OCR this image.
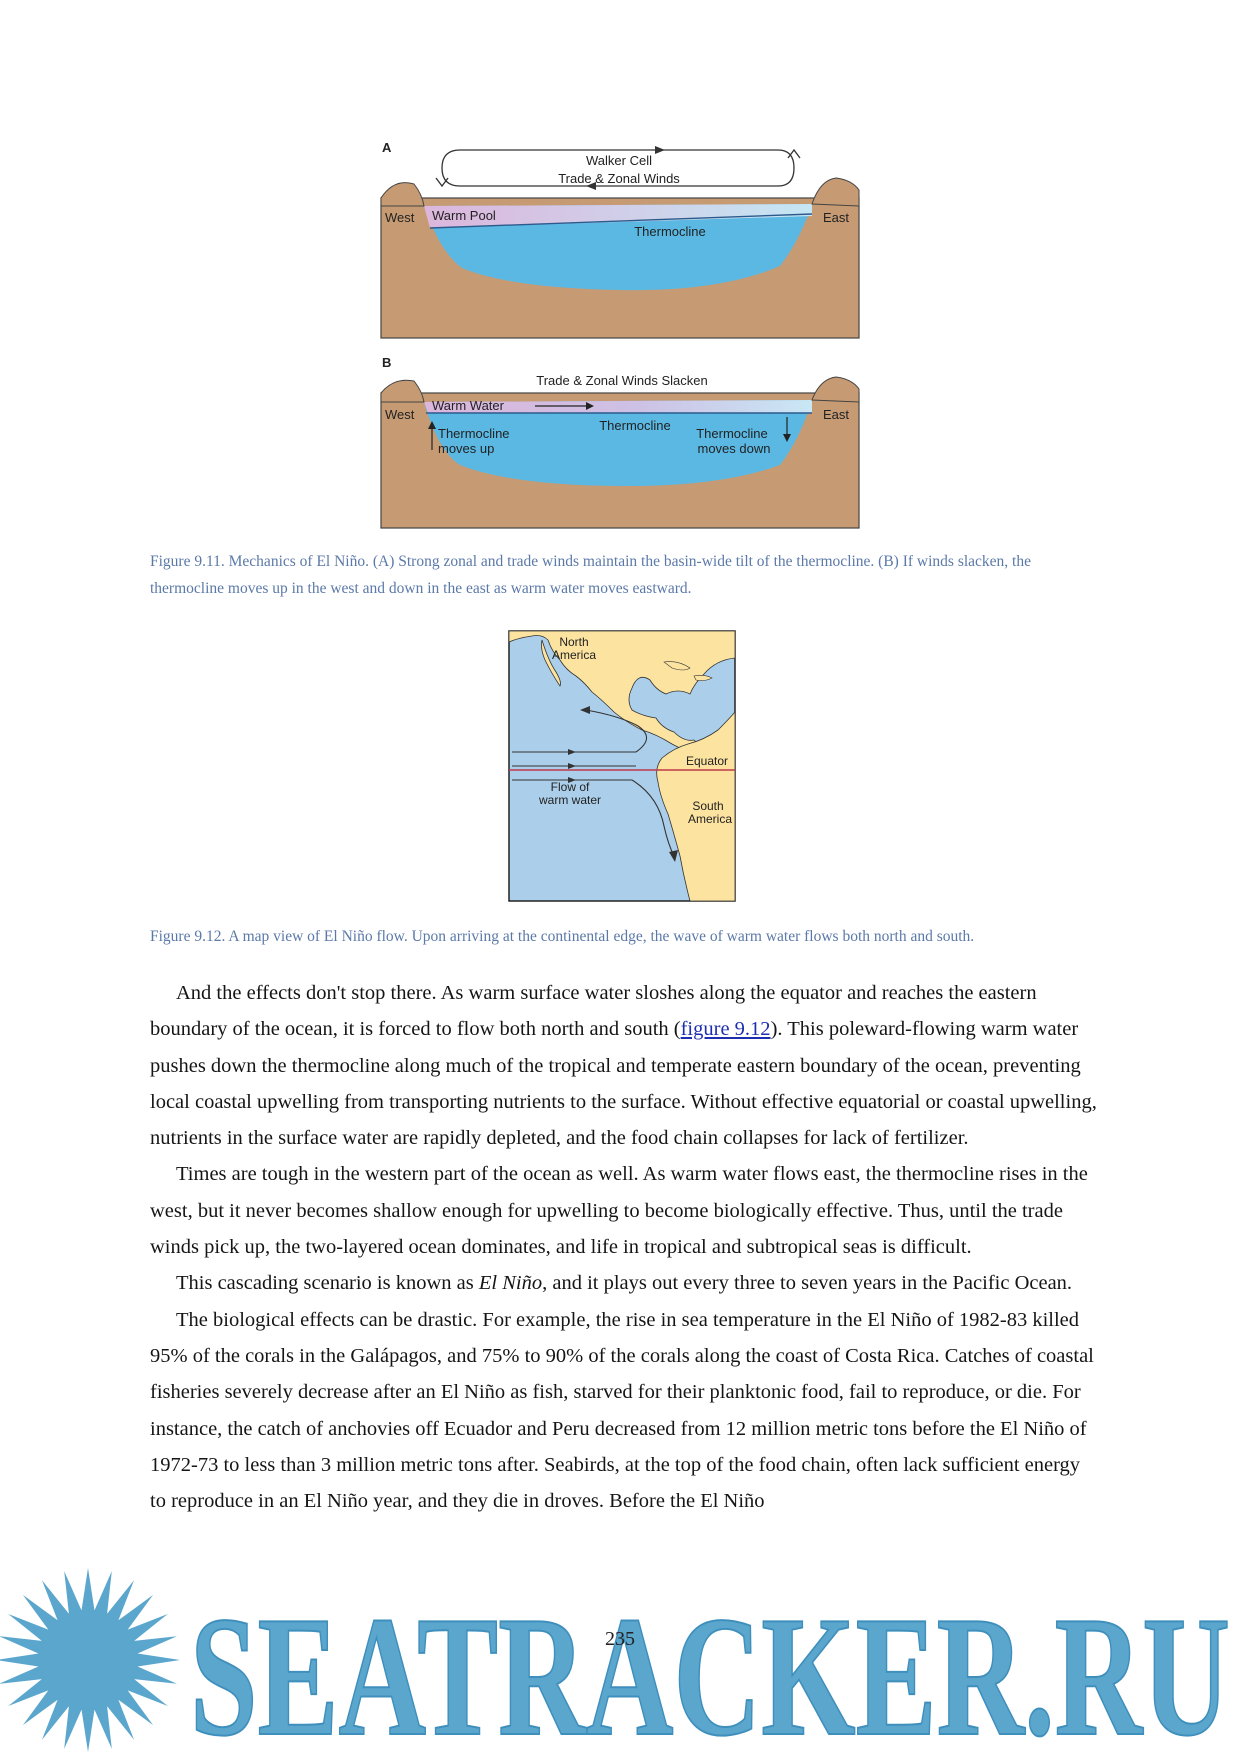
A
Walker Cell
Trade & Zonal Winds
West	East
Warm Pool
Thermocline
B
Trade & Zonal Winds Slacken
West	East
Warm Water
Thermocline
Thermocline
moves up
Thermocline
moves down
Figure 9.11. Mechanics of El Niño. (A) Strong zonal and trade winds maintain the basin-wide tilt of the thermocline. (B) If winds slacken, the thermocline moves up in the west and down in the east as warm water moves eastward.
North
America
Equator
Flow of
warm water	South
America
Figure 9.12. A map view of El Niño flow. Upon arriving at the continental edge, the wave of warm water flows both north and south.

And the effects don't stop there. As warm surface water sloshes along the equator and reaches the eastern boundary of the ocean, it is forced to flow both north and south (figure 9.12). This poleward-flowing warm water pushes down the thermocline along much of the tropical and temperate eastern boundary of the ocean, preventing local coastal upwelling from transporting nutrients to the surface. Without effective equatorial or coastal upwelling, nutrients in the surface water are rapidly depleted, and the food chain collapses for lack of fertilizer.

Times are tough in the western part of the ocean as well. As warm water flows east, the thermocline rises in the west, but it never becomes shallow enough for upwelling to become biologically effective. Thus, until the trade winds pick up, the two-layered ocean dominates, and life in tropical and subtropical seas is difficult.

This cascading scenario is known as El Niño, and it plays out every three to seven years in the Pacific Ocean.

The biological effects can be drastic. For example, the rise in sea temperature in the El Niño of 1982-83 killed 95% of the corals in the Galápagos, and 75% to 90% of the corals along the coast of Costa Rica. Catches of coastal fisheries severely decrease after an El Niño as fish, starved for their planktonic food, fail to reproduce, or die. For instance, the catch of anchovies off Ecuador and Peru decreased from 12 million metric tons before the El Niño of 1972-73 to less than 3 million metric tons after. Seabirds, at the top of the food chain, often lack sufficient energy to reproduce in an El Niño year, and they die in droves. Before the El Niño

SEATRACKER.RU
235
